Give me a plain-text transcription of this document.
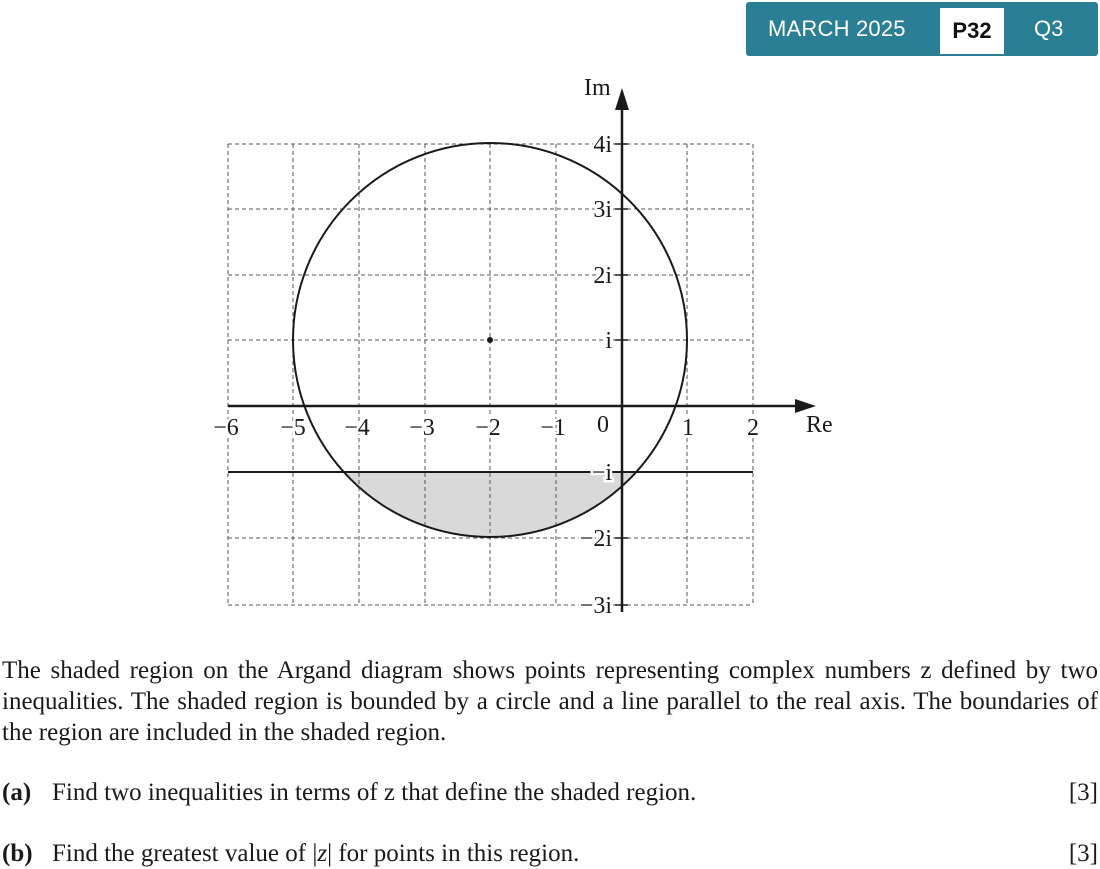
MARCH 2025	P32	Q3
Im
Re
−6 −5 −4 −3 −2 −1 0	1 2
4i
3i
2i
i
−i
−2i
−3i
The shaded region on the Argand diagram shows points representing complex numbers z defined by two inequalities. The shaded region is bounded by a circle and a line parallel to the real axis. The boundaries of the region are included in the shaded region.
(a) Find two inequalities in terms of z that define the shaded region.	[3]
(b) Find the greatest value of |z| for points in this region.	[3]
